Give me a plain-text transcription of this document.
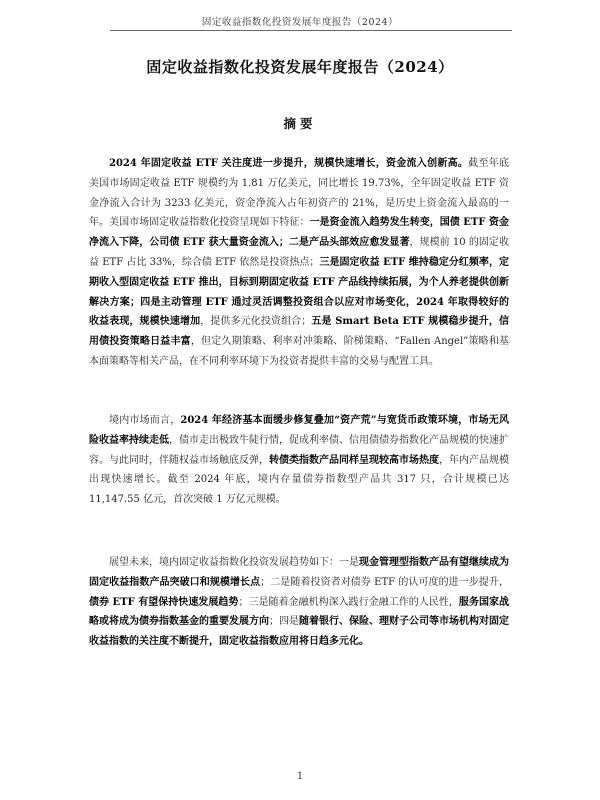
固定收益指数化投资发展年度报告（2024）
固定收益指数化投资发展年度报告（2024）
摘要

2024 年固定收益 ETF 关注度进一步提升，规模快速增长，资金流入创新高。截至年底美国市场固定收益 ETF 规模约为 1.81 万亿美元，同比增长 19.73%，全年固定收益 ETF 资金净流入合计为 3233 亿美元，资金净流入占年初资产的 21%，是历史上资金流入最高的一年。美国市场固定收益指数化投资呈现如下特征：一是资金流入趋势发生转变，国债 ETF 资金净流入下降，公司债 ETF 获大量资金流入；二是产品头部效应愈发显著，规模前 10 的固定收益 ETF 占比 33%，综合债 ETF 依然是投资热点；三是固定收益 ETF 维持稳定分红频率，定期收入型固定收益 ETF 推出，目标到期固定收益 ETF 产品线持续拓展，为个人养老提供创新解决方案；四是主动管理 ETF 通过灵活调整投资组合以应对市场变化，2024 年取得较好的收益表现，规模快速增加，提供多元化投资组合；五是 Smart Beta ETF 规模稳步提升，信用债投资策略日益丰富，但定久期策略、利率对冲策略、阶梯策略、“Fallen Angel”策略和基本面策略等相关产品，在不同利率环境下为投资者提供丰富的交易与配置工具。

境内市场而言，2024 年经济基本面缓步修复叠加“资产荒”与宽货币政策环境，市场无风险收益率持续走低，债市走出极致牛陡行情，促成利率债、信用债债券指数化产品规模的快速扩容。与此同时，伴随权益市场触底反弹，转债类指数产品同样呈现较高市场热度，年内产品规模出现快速增长。截至 2024 年底，境内存量债券指数型产品共 317 只，合计规模已达 11,147.55 亿元，首次突破 1 万亿元规模。

展望未来，境内固定收益指数化投资发展趋势如下：一是现金管理型指数产品有望继续成为固定收益指数产品突破口和规模增长点；二是随着投资者对债券 ETF 的认可度的进一步提升，债券 ETF 有望保持快速发展趋势；三是随着金融机构深入践行金融工作的人民性，服务国家战略或将成为债券指数基金的重要发展方向；四是随着银行、保险、理财子公司等市场机构对固定收益指数的关注度不断提升，固定收益指数应用将日趋多元化。

1
